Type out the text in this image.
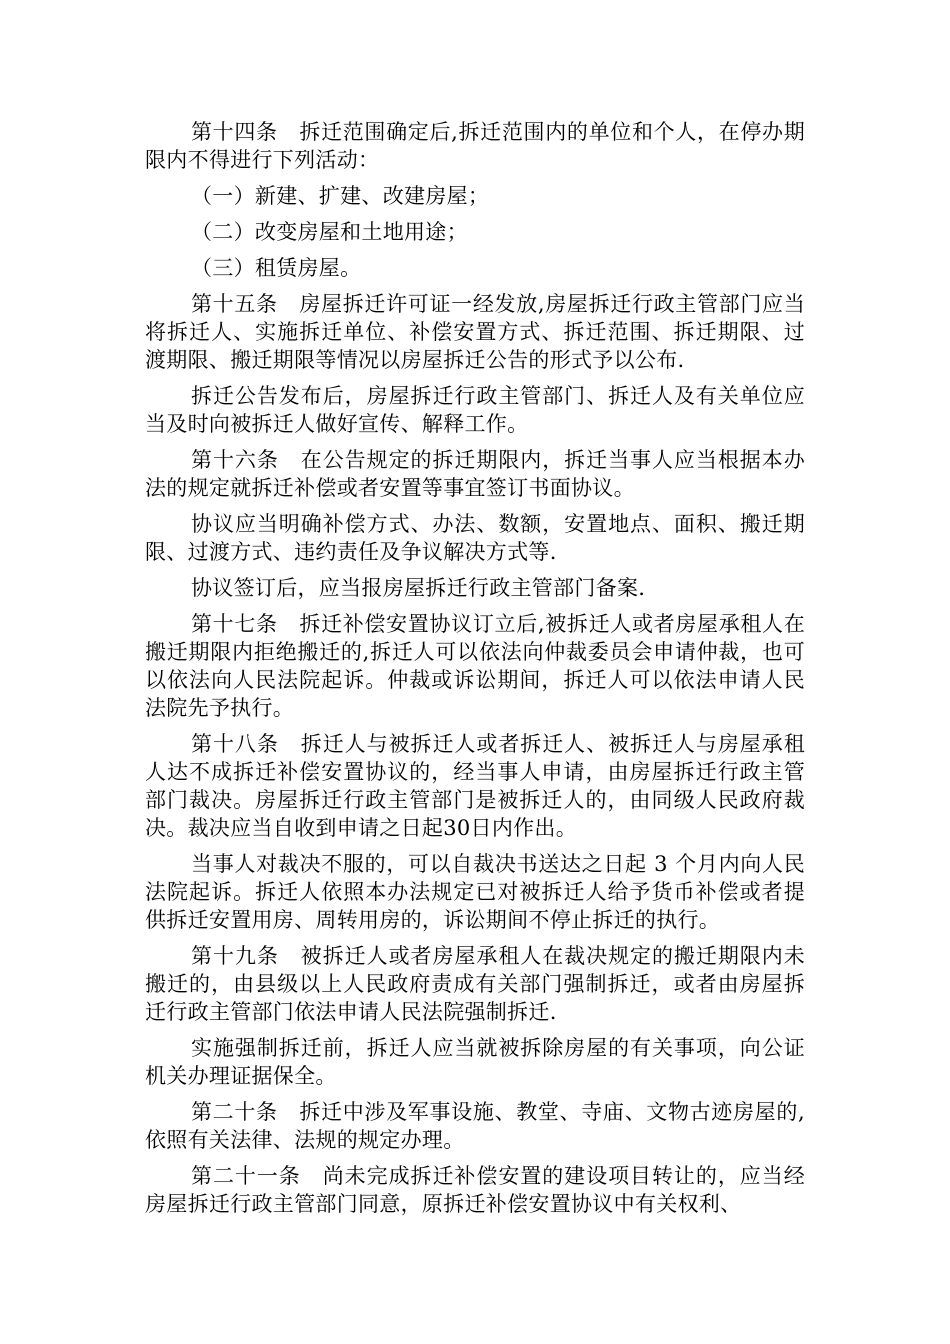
第十四条　拆迁范围确定后,拆迁范围内的单位和个人，在停办期限内不得进行下列活动：

（一）新建、扩建、改建房屋；

（二）改变房屋和土地用途；

（三）租赁房屋。

第十五条　房屋拆迁许可证一经发放,房屋拆迁行政主管部门应当将拆迁人、实施拆迁单位、补偿安置方式、拆迁范围、拆迁期限、过渡期限、搬迁期限等情况以房屋拆迁公告的形式予以公布.

拆迁公告发布后，房屋拆迁行政主管部门、拆迁人及有关单位应当及时向被拆迁人做好宣传、解释工作。

第十六条　在公告规定的拆迁期限内，拆迁当事人应当根据本办法的规定就拆迁补偿或者安置等事宜签订书面协议。

协议应当明确补偿方式、办法、数额，安置地点、面积、搬迁期限、过渡方式、违约责任及争议解决方式等.

协议签订后，应当报房屋拆迁行政主管部门备案.

第十七条　拆迁补偿安置协议订立后,被拆迁人或者房屋承租人在搬迁期限内拒绝搬迁的,拆迁人可以依法向仲裁委员会申请仲裁，也可以依法向人民法院起诉。仲裁或诉讼期间，拆迁人可以依法申请人民法院先予执行。

第十八条　拆迁人与被拆迁人或者拆迁人、被拆迁人与房屋承租人达不成拆迁补偿安置协议的，经当事人申请，由房屋拆迁行政主管部门裁决。房屋拆迁行政主管部门是被拆迁人的，由同级人民政府裁决。裁决应当自收到申请之日起30日内作出。

当事人对裁决不服的，可以自裁决书送达之日起 3 个月内向人民法院起诉。拆迁人依照本办法规定已对被拆迁人给予货币补偿或者提供拆迁安置用房、周转用房的，诉讼期间不停止拆迁的执行。

第十九条　被拆迁人或者房屋承租人在裁决规定的搬迁期限内未搬迁的，由县级以上人民政府责成有关部门强制拆迁，或者由房屋拆迁行政主管部门依法申请人民法院强制拆迁.

实施强制拆迁前，拆迁人应当就被拆除房屋的有关事项，向公证机关办理证据保全。

第二十条　拆迁中涉及军事设施、教堂、寺庙、文物古迹房屋的,依照有关法律、法规的规定办理。

第二十一条　尚未完成拆迁补偿安置的建设项目转让的，应当经房屋拆迁行政主管部门同意，原拆迁补偿安置协议中有关权利、
